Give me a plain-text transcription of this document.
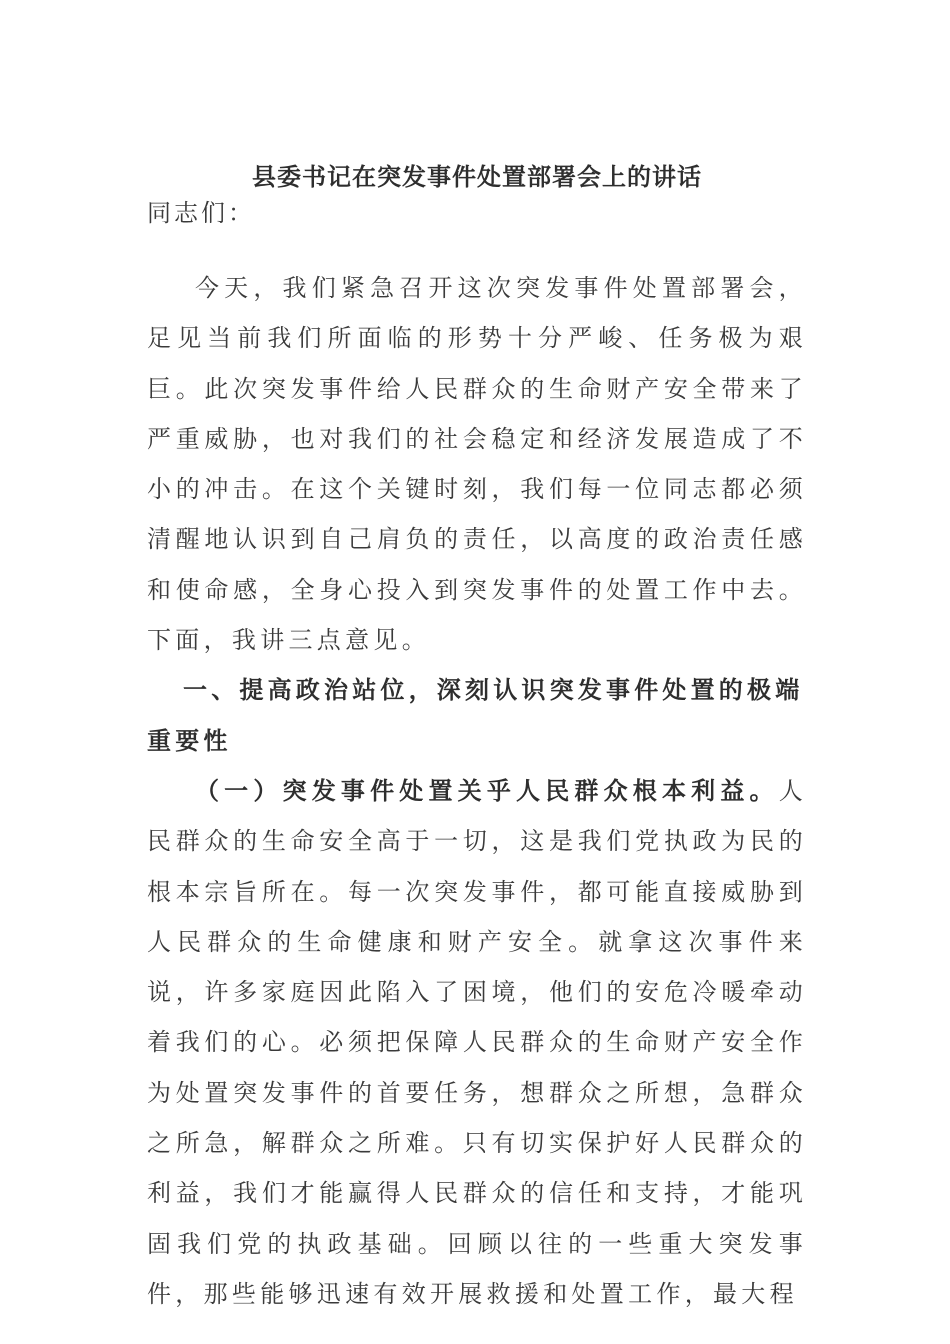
县委书记在突发事件处置部署会上的讲话
同志们：

今天，我们紧急召开这次突发事件处置部署会，足见当前我们所面临的形势十分严峻、任务极为艰巨。此次突发事件给人民群众的生命财产安全带来了严重威胁，也对我们的社会稳定和经济发展造成了不小的冲击。在这个关键时刻，我们每一位同志都必须清醒地认识到自己肩负的责任，以高度的政治责任感和使命感，全身心投入到突发事件的处置工作中去。下面，我讲三点意见。

一、提高政治站位，深刻认识突发事件处置的极端重要性

（一）突发事件处置关乎人民群众根本利益。人民群众的生命安全高于一切，这是我们党执政为民的根本宗旨所在。每一次突发事件，都可能直接威胁到人民群众的生命健康和财产安全。就拿这次事件来说，许多家庭因此陷入了困境，他们的安危冷暖牵动着我们的心。必须把保障人民群众的生命财产安全作为处置突发事件的首要任务，想群众之所想，急群众之所急，解群众之所难。只有切实保护好人民群众的利益，我们才能赢得人民群众的信任和支持，才能巩固我们党的执政基础。回顾以往的一些重大突发事件，那些能够迅速有效开展救援和处置工作，最大程
